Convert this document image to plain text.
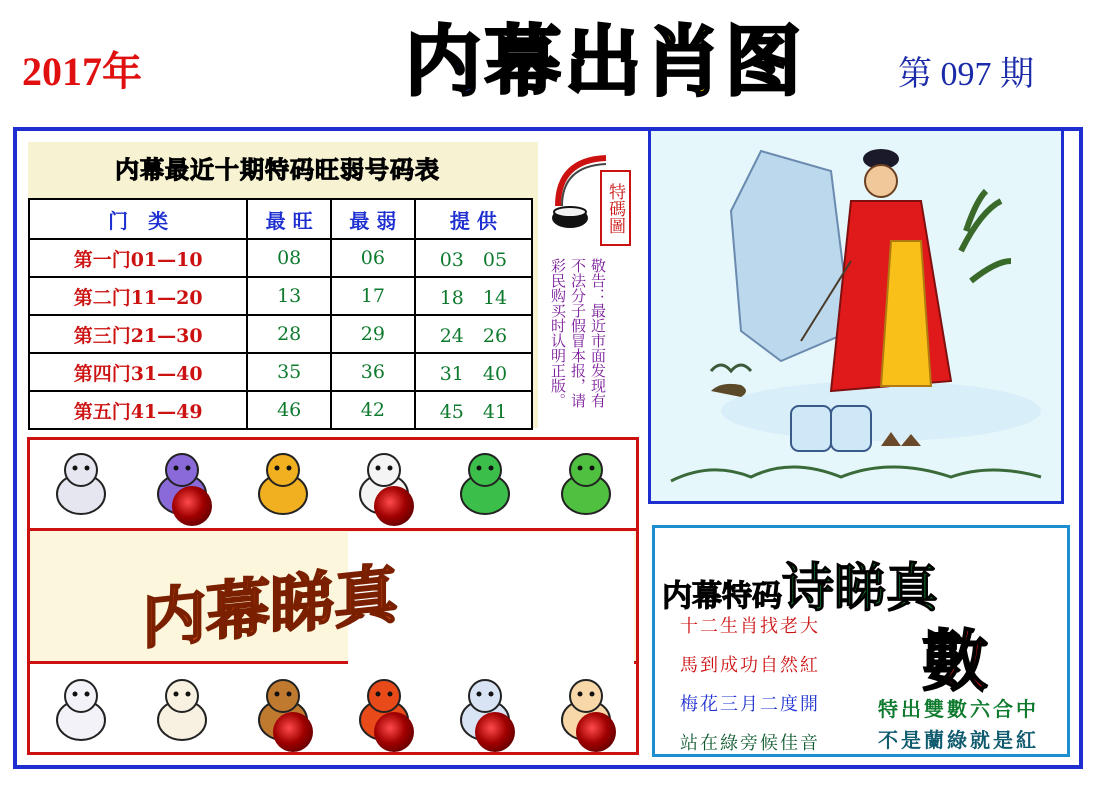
2017年	内 幕 出 肖 图	第 097 期
内幕最近十期特码旺弱号码表
门　类	最 旺	最 弱	提 供
第一门01—10	08	06	03　05
第二门11—20	13	17	18　14
第三门21—30	28	29	24　26
第四门31—40	35	36	31　40
第五门41—49	46	42	45　41
特碼圖
敬告：最近市面发现有不法分子假冒本报，请彩民购买时认明正版。
内幕睇真	内幕特码诗睇真
數
十二生肖找老大
馬到成功自然紅
梅花三月二度開
站在綠旁候佳音
特出雙數六合中
不是蘭綠就是紅
